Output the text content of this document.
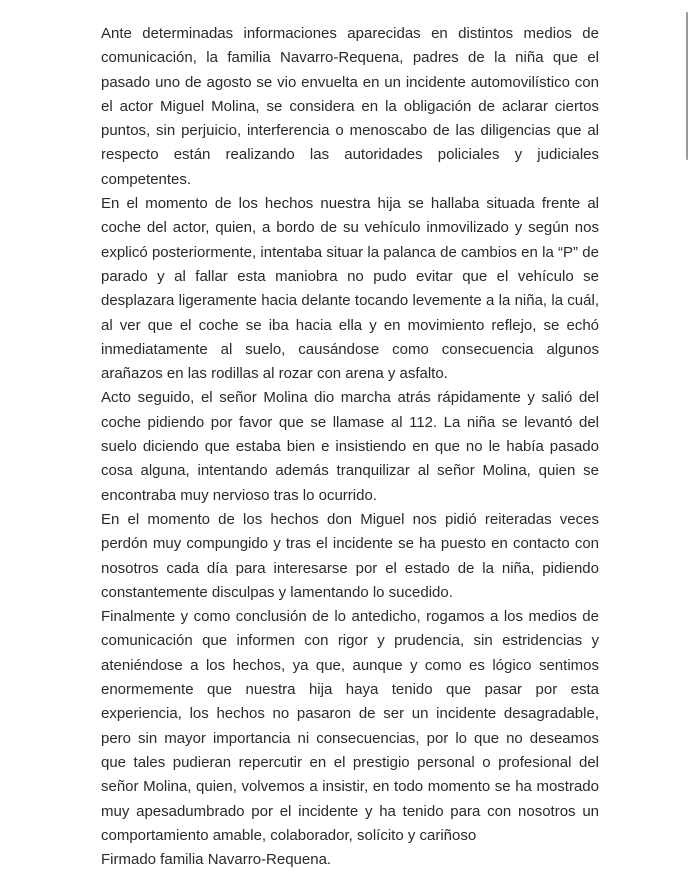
Ante determinadas informaciones aparecidas en distintos medios de comunicación, la familia Navarro-Requena, padres de la niña que el pasado uno de agosto se vio envuelta en un incidente automovilístico con el actor Miguel Molina, se considera en la obligación de aclarar ciertos puntos, sin perjuicio, interferencia o menoscabo de las diligencias que al respecto están realizando las autoridades policiales y judiciales competentes.

En el momento de los hechos nuestra hija se hallaba situada frente al coche del actor, quien, a bordo de su vehículo inmovilizado y según nos explicó posteriormente, intentaba situar la palanca de cambios en la “P” de parado y al fallar esta maniobra no pudo evitar que el vehículo se desplazara ligeramente hacia delante tocando levemente a la niña, la cuál, al ver que el coche se iba hacia ella y en movimiento reflejo, se echó inmediatamente al suelo, causándose como consecuencia algunos arañazos en las rodillas al rozar con arena y asfalto.

Acto seguido, el señor Molina dio marcha atrás rápidamente y salió del coche pidiendo por favor que se llamase al 112. La niña se levantó del suelo diciendo que estaba bien e insistiendo en que no le había pasado cosa alguna, intentando además tranquilizar al señor Molina, quien se encontraba muy nervioso tras lo ocurrido.

En el momento de los hechos don Miguel nos pidió reiteradas veces perdón muy compungido y tras el incidente se ha puesto en contacto con nosotros cada día para interesarse por el estado de la niña, pidiendo constantemente disculpas y lamentando lo sucedido.

Finalmente y como conclusión de lo antedicho, rogamos a los medios de comunicación que informen con rigor y prudencia, sin estridencias y ateniéndose a los hechos, ya que, aunque y como es lógico sentimos enormemente que nuestra hija haya tenido que pasar por esta experiencia, los hechos no pasaron de ser un incidente desagradable, pero sin mayor importancia ni consecuencias, por lo que no deseamos que tales pudieran repercutir en el prestigio personal o profesional del señor Molina, quien, volvemos a insistir, en todo momento se ha mostrado muy apesadumbrado por el incidente y ha tenido para con nosotros un comportamiento amable, colaborador, solícito y cariñoso

Firmado familia Navarro-Requena.
